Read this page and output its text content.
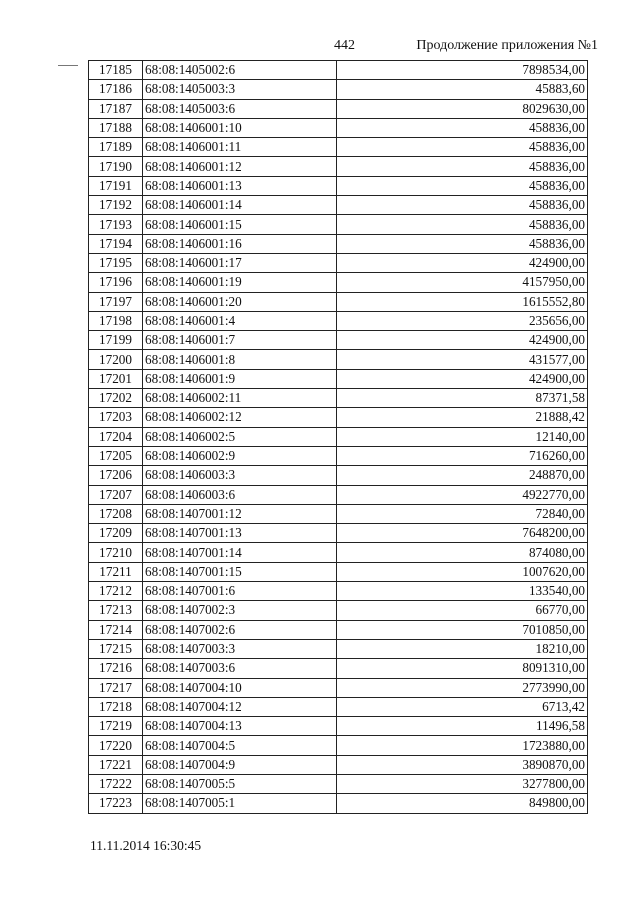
442	Продолжение приложения №1
17185	68:08:1405002:6	7898534,00
17186	68:08:1405003:3	45883,60
17187	68:08:1405003:6	8029630,00
17188	68:08:1406001:10	458836,00
17189	68:08:1406001:11	458836,00
17190	68:08:1406001:12	458836,00
17191	68:08:1406001:13	458836,00
17192	68:08:1406001:14	458836,00
17193	68:08:1406001:15	458836,00
17194	68:08:1406001:16	458836,00
17195	68:08:1406001:17	424900,00
17196	68:08:1406001:19	4157950,00
17197	68:08:1406001:20	1615552,80
17198	68:08:1406001:4	235656,00
17199	68:08:1406001:7	424900,00
17200	68:08:1406001:8	431577,00
17201	68:08:1406001:9	424900,00
17202	68:08:1406002:11	87371,58
17203	68:08:1406002:12	21888,42
17204	68:08:1406002:5	12140,00
17205	68:08:1406002:9	716260,00
17206	68:08:1406003:3	248870,00
17207	68:08:1406003:6	4922770,00
17208	68:08:1407001:12	72840,00
17209	68:08:1407001:13	7648200,00
17210	68:08:1407001:14	874080,00
17211	68:08:1407001:15	1007620,00
17212	68:08:1407001:6	133540,00
17213	68:08:1407002:3	66770,00
17214	68:08:1407002:6	7010850,00
17215	68:08:1407003:3	18210,00
17216	68:08:1407003:6	8091310,00
17217	68:08:1407004:10	2773990,00
17218	68:08:1407004:12	6713,42
17219	68:08:1407004:13	11496,58
17220	68:08:1407004:5	1723880,00
17221	68:08:1407004:9	3890870,00
17222	68:08:1407005:5	3277800,00
17223	68:08:1407005:1	849800,00
11.11.2014 16:30:45
